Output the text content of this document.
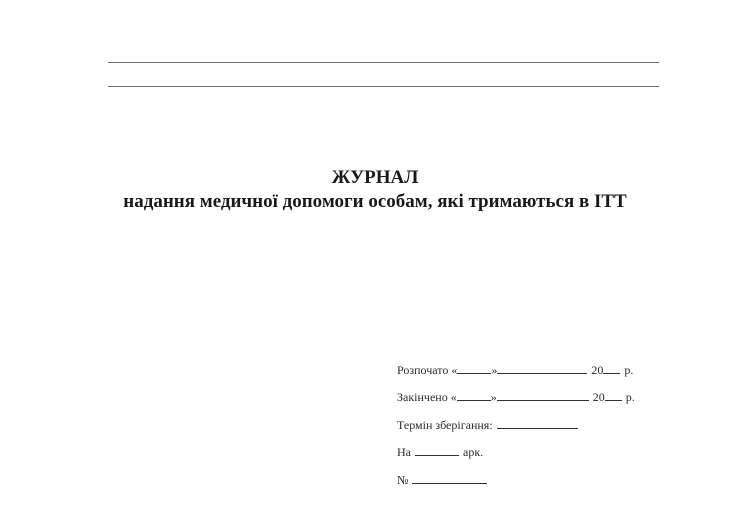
ЖУРНАЛ
надання медичної допомоги особам, які тримаються в ІТТ
Розпочато «	»	20 р.
Закінчено «	»	20 р.
Термін зберігання:
На	арк.
№
